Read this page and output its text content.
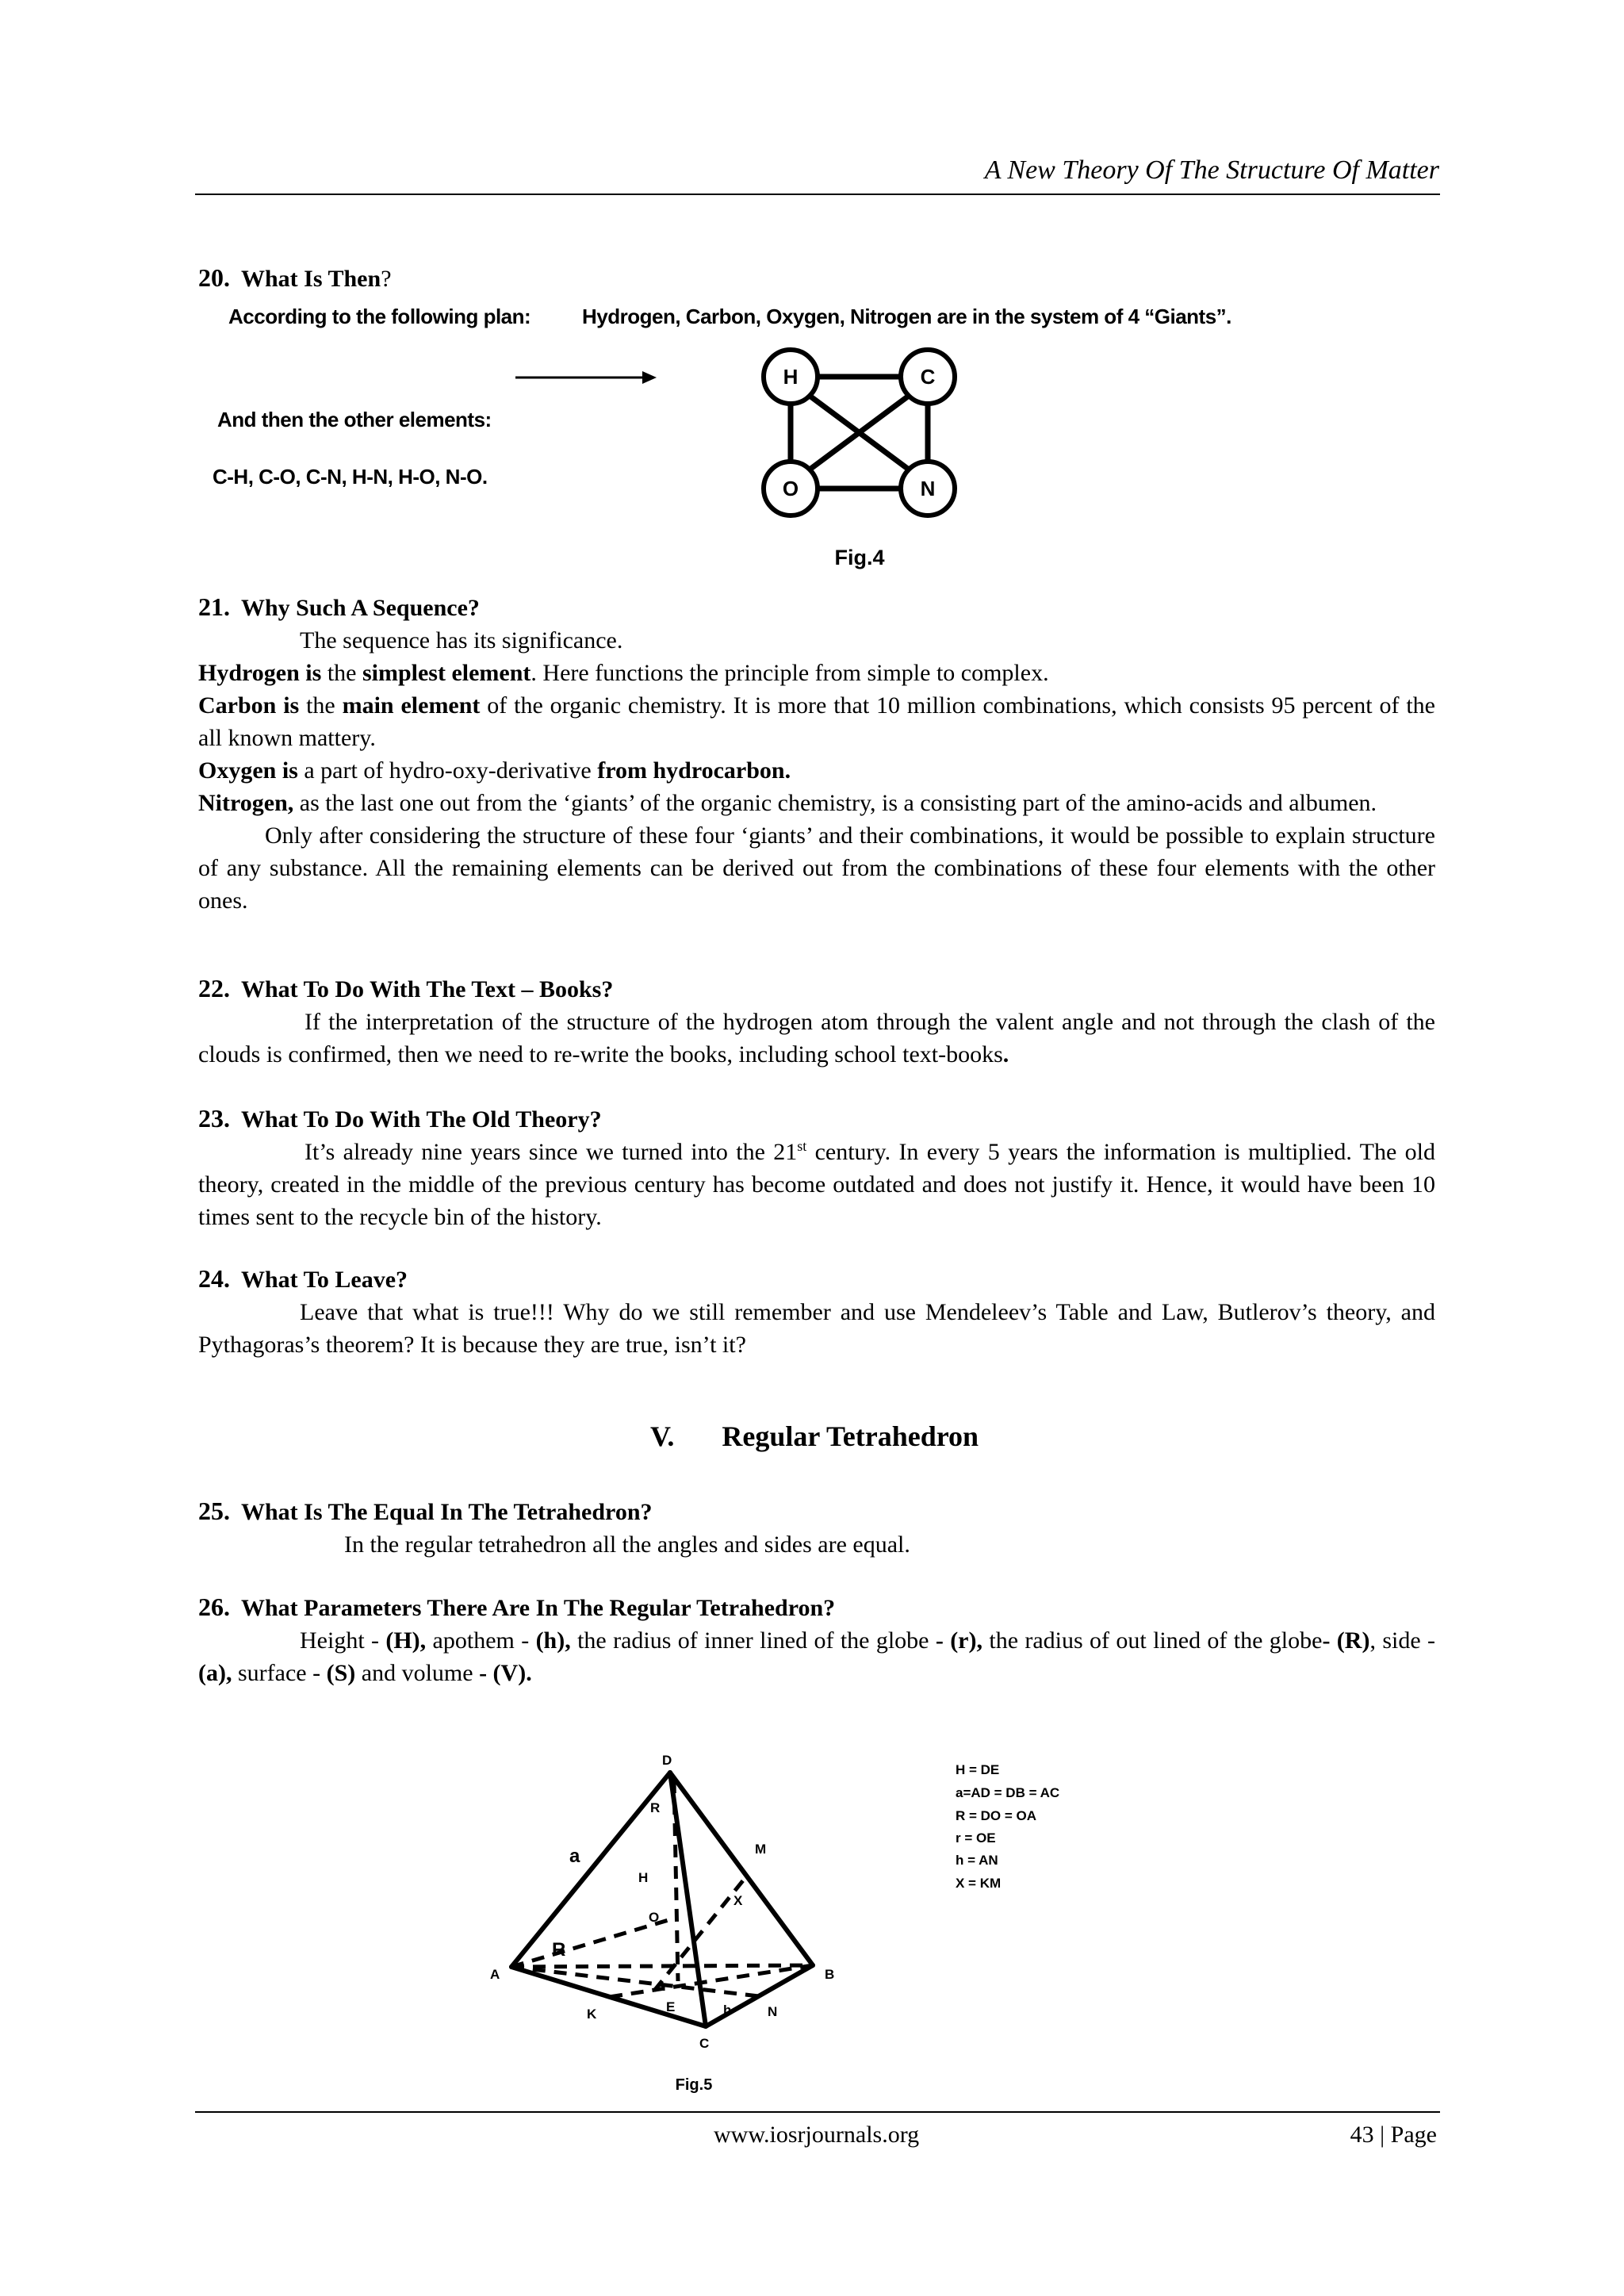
A New Theory Of The Structure Of Matter
20. What Is Then?
According to the following plan: Hydrogen, Carbon, Oxygen, Nitrogen are in the system of 4 “Giants”.
And then the other elements:
C-H, C-O, C-N, H-N, H-O, N-O.
H	C
O	N
Fig.4
21. Why Such A Sequence?

The sequence has its significance.

Hydrogen is the simplest element. Here functions the principle from simple to complex.

Carbon is the main element of the organic chemistry. It is more that 10 million combinations, which consists 95 percent of the all known mattery.

Oxygen is a part of hydro-oxy-derivative from hydrocarbon.

Nitrogen, as the last one out from the ‘giants’ of the organic chemistry, is a consisting part of the amino-acids and albumen.

Only after considering the structure of these four ‘giants’ and their combinations, it would be possible to explain structure of any substance. All the remaining elements can be derived out from the combinations of these four elements with the other ones.

22. What To Do With The Text – Books?

If the interpretation of the structure of the hydrogen atom through the valent angle and not through the clash of the clouds is confirmed, then we need to re-write the books, including school text-books.

23. What To Do With The Old Theory?

It’s already nine years since we turned into the 21st century. In every 5 years the information is multiplied. The old theory, created in the middle of the previous century has become outdated and does not justify it. Hence, it would have been 10 times sent to the recycle bin of the history.

24. What To Leave?

Leave that what is true!!! Why do we still remember and use Mendeleev’s Table and Law, Butlerov’s theory, and Pythagoras’s theorem? It is because they are true, isn’t it?

V. Regular Tetrahedron
25. What Is The Equal In The Tetrahedron?

In the regular tetrahedron all the angles and sides are equal.

26. What Parameters There Are In The Regular Tetrahedron?

Height - (H), apothem - (h), the radius of inner lined of the globe - (r), the radius of out lined of the globe- (R), side - (a), surface - (S) and volume - (V).

D
A	B
C
M
K	N
E
O
X
R
R
H
a
h
r
H = DE
a=AD = DB = AC
R = DO = OA
r = OE
h = AN
X = KM
Fig.5
www.iosrjournals.org	43 | Page
